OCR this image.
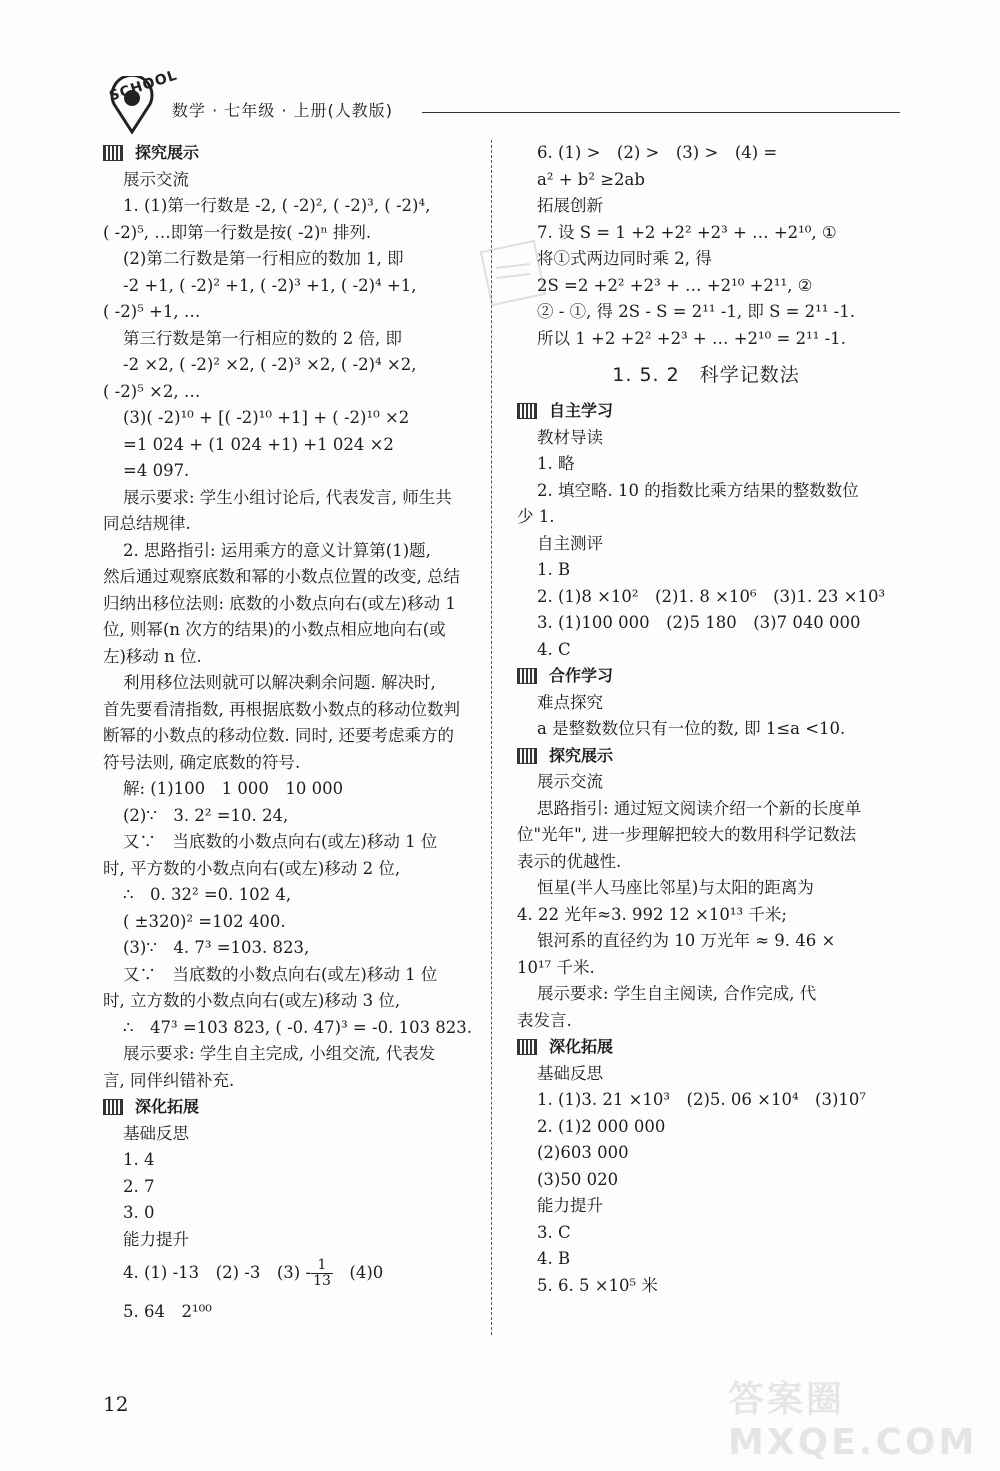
SCHOOL
数学 · 七年级 · 上册(人教版)
探究展示
展示交流
1. (1)第一行数是 -2, ( -2)², ( -2)³, ( -2)⁴,
( -2)⁵, …即第一行数是按( -2)ⁿ 排列.
(2)第二行数是第一行相应的数加 1, 即
-2 +1, ( -2)² +1, ( -2)³ +1, ( -2)⁴ +1,
( -2)⁵ +1, …
第三行数是第一行相应的数的 2 倍, 即
-2 ×2, ( -2)² ×2, ( -2)³ ×2, ( -2)⁴ ×2,
( -2)⁵ ×2, …
(3)( -2)¹⁰ + [( -2)¹⁰ +1] + ( -2)¹⁰ ×2
=1 024 + (1 024 +1) +1 024 ×2
=4 097.
展示要求: 学生小组讨论后, 代表发言, 师生共
同总结规律.
2. 思路指引: 运用乘方的意义计算第(1)题,
然后通过观察底数和幂的小数点位置的改变, 总结
归纳出移位法则: 底数的小数点向右(或左)移动 1
位, 则幂(n 次方的结果)的小数点相应地向右(或
左)移动 n 位.
利用移位法则就可以解决剩余问题. 解决时,
首先要看清指数, 再根据底数小数点的移动位数判
断幂的小数点的移动位数. 同时, 还要考虑乘方的
符号法则, 确定底数的符号.
解: (1)100　1 000　10 000
(2)∵　3. 2² =10. 24,
又∵　当底数的小数点向右(或左)移动 1 位
时, 平方数的小数点向右(或左)移动 2 位,
∴　0. 32² =0. 102 4,
( ±320)² =102 400.
(3)∵　4. 7³ =103. 823,
又∵　当底数的小数点向右(或左)移动 1 位
时, 立方数的小数点向右(或左)移动 3 位,
∴　47³ =103 823, ( -0. 47)³ = -0. 103 823.
展示要求: 学生自主完成, 小组交流, 代表发
言, 同伴纠错补充.
深化拓展
基础反思
1. 4
2. 7
3. 0
能力提升
4. (1) -13　(2) -3　$(3) - \frac{1}{13}$ 　(4)0
5. 64　2¹⁰⁰
6. (1) >　(2) >　(3) >　(4) =
a² + b² ≥2ab
拓展创新
7. 设 S = 1 +2 +2² +2³ + … +2¹⁰, ①
将①式两边同时乘 2, 得
2S =2 +2² +2³ + … +2¹⁰ +2¹¹, ②
② - ①, 得 2S - S = 2¹¹ -1, 即 S = 2¹¹ -1.
所以 1 +2 +2² +2³ + … +2¹⁰ = 2¹¹ -1.
1. 5. 2　科学记数法
自主学习
教材导读
1. 略
2. 填空略. 10 的指数比乘方结果的整数数位
少 1.
自主测评
1. B
2. (1)8 ×10²　(2)1. 8 ×10⁶　(3)1. 23 ×10³
3. (1)100 000　(2)5 180　(3)7 040 000
4. C
合作学习
难点探究
a 是整数数位只有一位的数, 即 1≤a <10.
探究展示
展示交流
思路指引: 通过短文阅读介绍一个新的长度单
位"光年", 进一步理解把较大的数用科学记数法
表示的优越性.
恒星(半人马座比邻星)与太阳的距离为
4. 22 光年≈3. 992 12 ×10¹³ 千米;
银河系的直径约为 10 万光年 ≈ 9. 46 ×
10¹⁷ 千米.
展示要求: 学生自主阅读, 合作完成, 代
表发言.
深化拓展
基础反思
1. (1)3. 21 ×10³　(2)5. 06 ×10⁴　(3)10⁷
2. (1)2 000 000
(2)603 000
(3)50 020
能力提升
3. C
4. B
5. 6. 5 ×10⁵ 米
12	答案圈 MXQE.COM
